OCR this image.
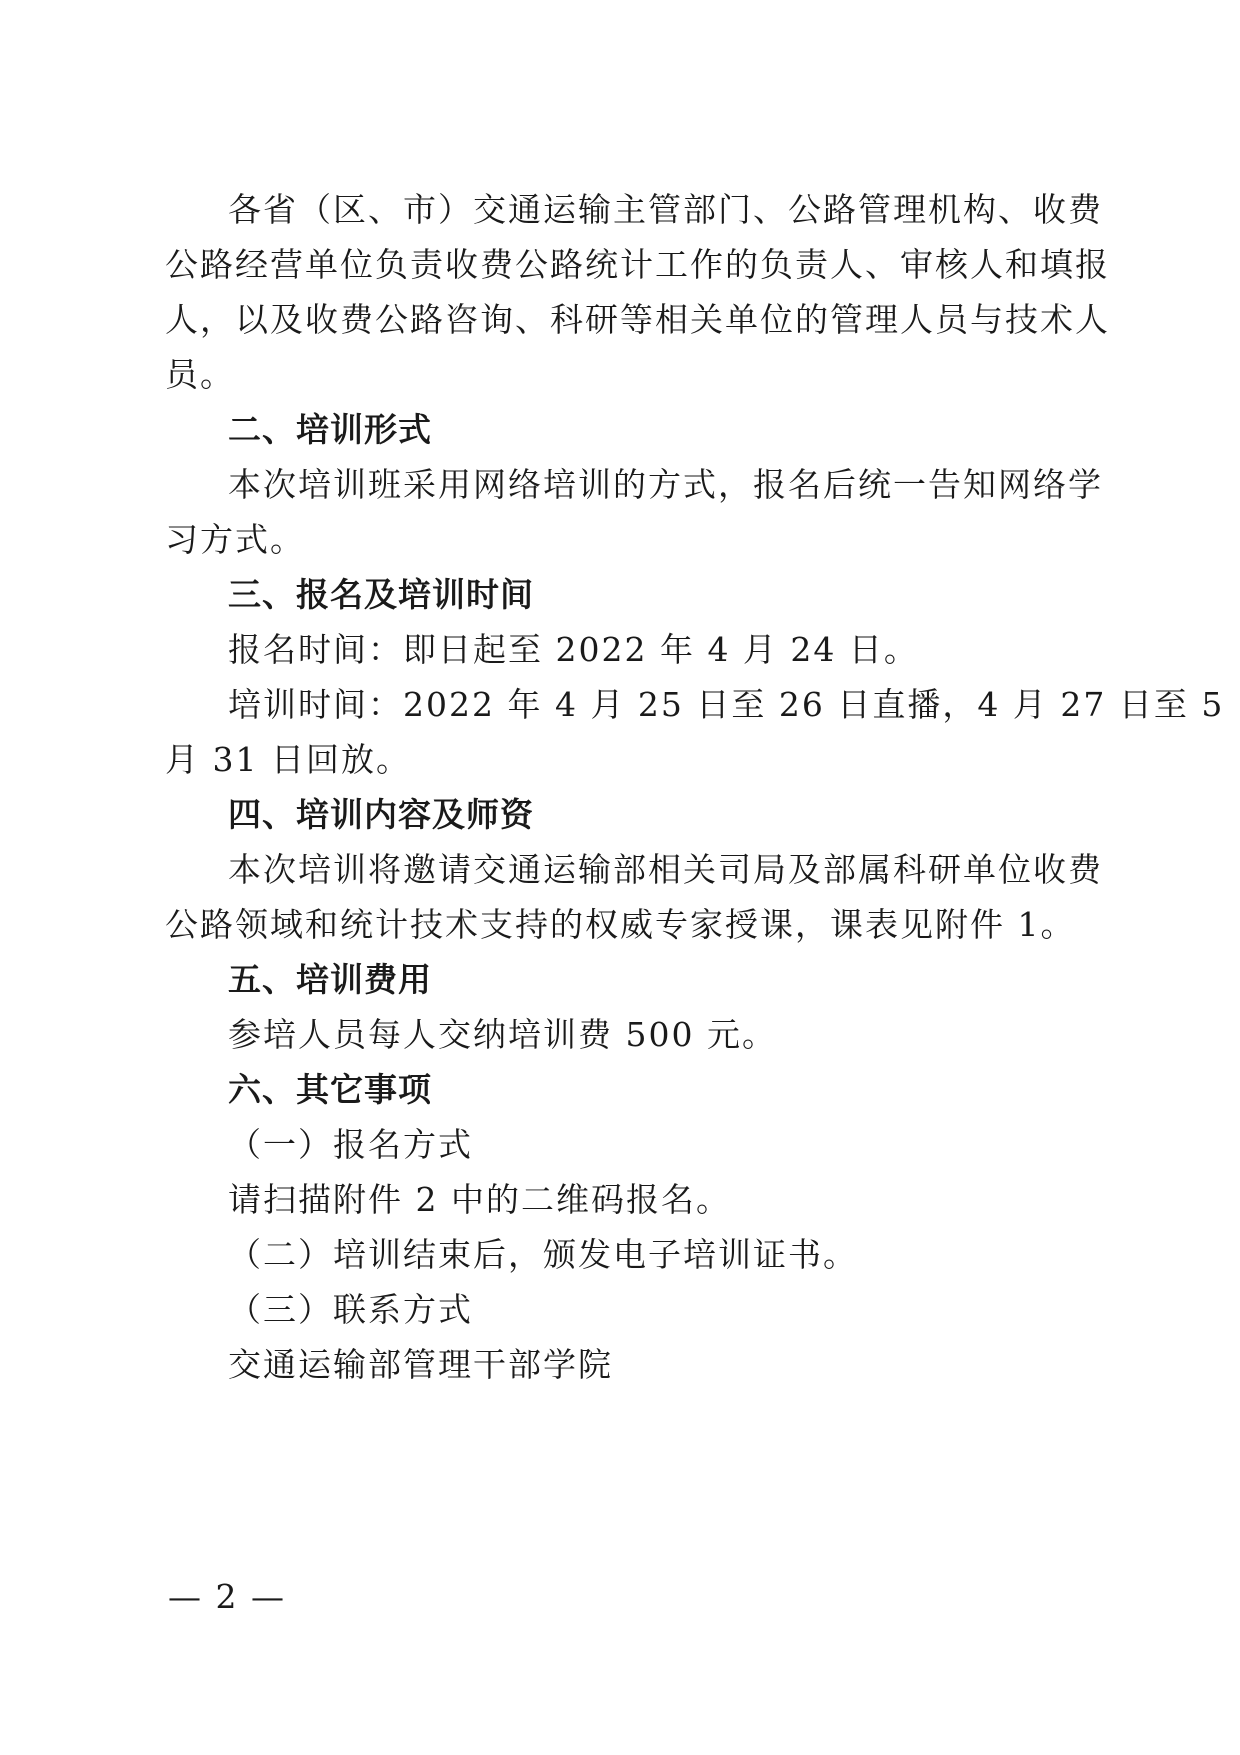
各省（区、市）交通运输主管部门、公路管理机构、收费
公路经营单位负责收费公路统计工作的负责人、审核人和填报
人，以及收费公路咨询、科研等相关单位的管理人员与技术人
员。
二、培训形式
本次培训班采用网络培训的方式，报名后统一告知网络学
习方式。
三、报名及培训时间
报名时间：即日起至 2022 年 4 月 24 日。
培训时间：2022 年 4 月 25 日至 26 日直播，4 月 27 日至 5
月 31 日回放。
四、培训内容及师资
本次培训将邀请交通运输部相关司局及部属科研单位收费
公路领域和统计技术支持的权威专家授课，课表见附件 1。
五、培训费用
参培人员每人交纳培训费 500 元。
六、其它事项
（一）报名方式
请扫描附件 2 中的二维码报名。
（二）培训结束后，颁发电子培训证书。
（三）联系方式
交通运输部管理干部学院
— 2 —
